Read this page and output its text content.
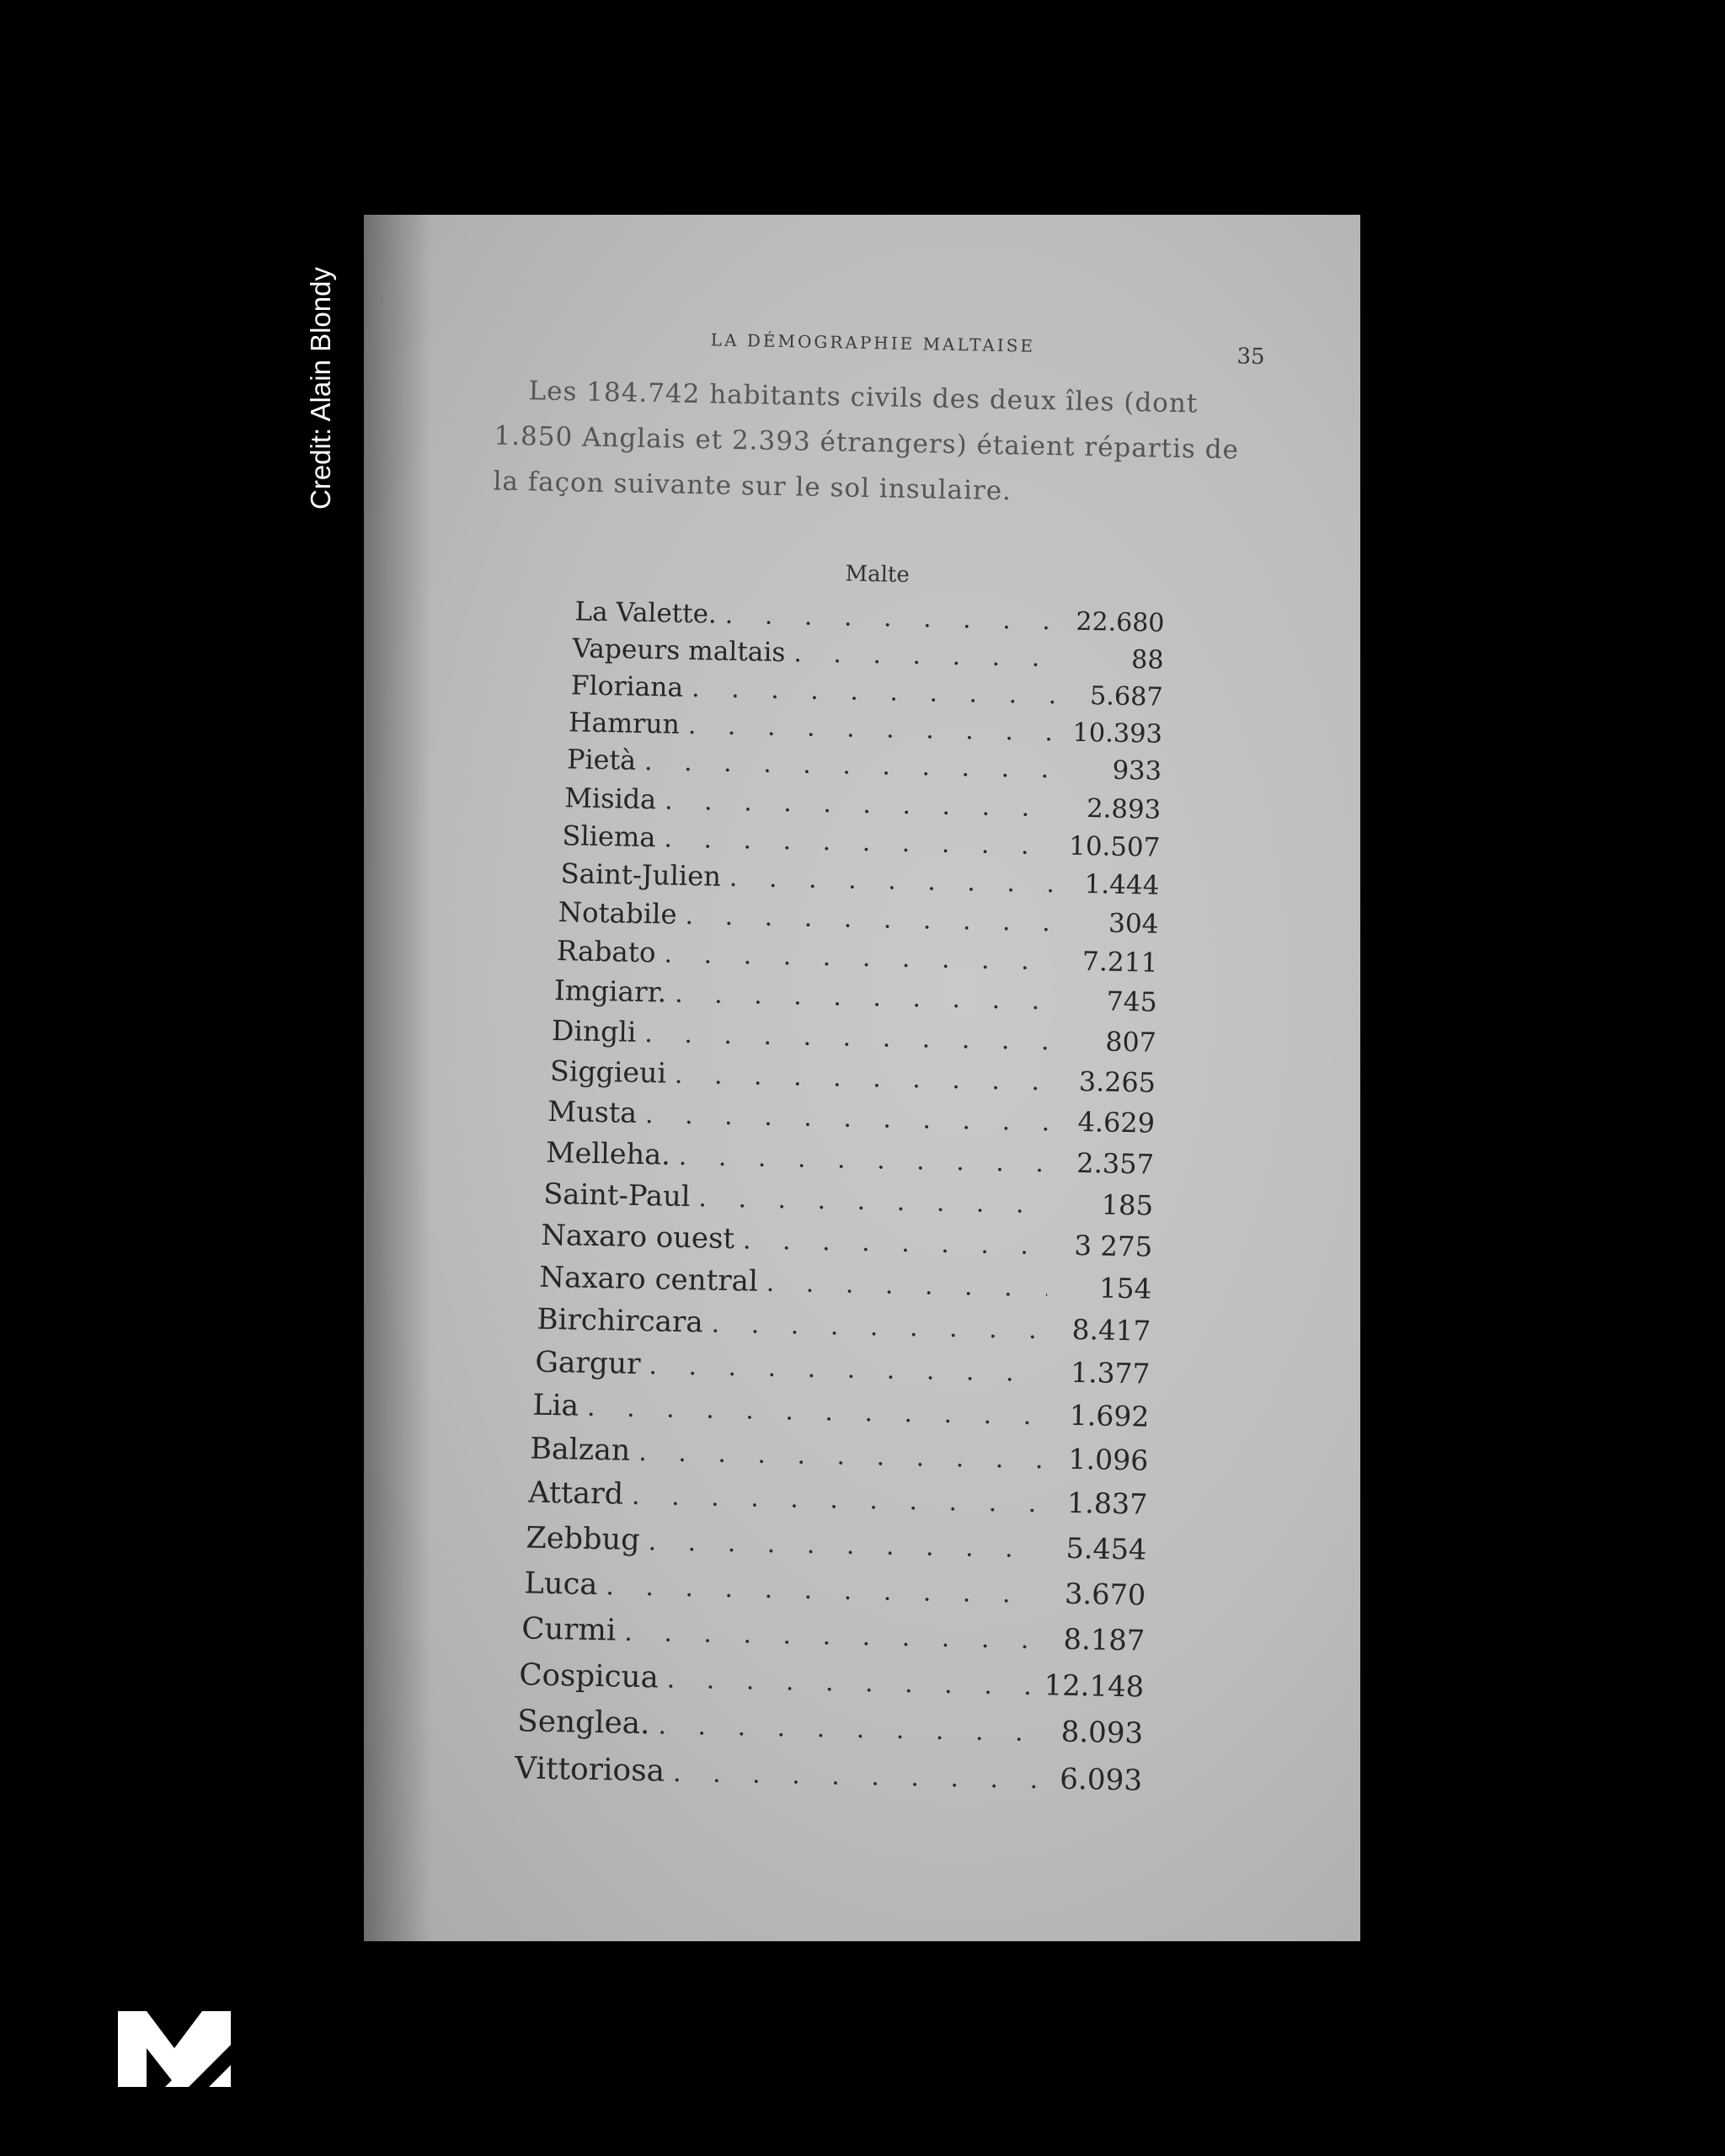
Credit: Alain Blondy	LA DÉMOGRAPHIE MALTAISE
35
Les 184.742 habitants civils des deux îles (dont
1.850 Anglais et 2.393 étrangers) étaient répartis de
la façon suivante sur le sol insulaire.
Malte
La Valette. . . .	22.680
Vapeurs maltais . . .	88
Floriana . . .	5.687
Hamrun . . .	10.393
Pietà . . .	933
Misida . . .	2.893
Sliema . . .	10.507
Saint-Julien . . .	1.444
Notabile . . .	304
Rabato . . .	7.211
Imgiarr. . . .	745
Dingli . . .	807
Siggieui . . .	3.265
Musta . . .	4.629
Melleha. . . .	2.357
Saint-Paul . . .	185
Naxaro ouest . . .	3 275
Naxaro central . . .	154
Birchircara . . .	8.417
Gargur . . .	1.377
Lia . . .	1.692
Balzan . . .	1.096
Attard . . .	1.837
Zebbug . . .	5.454
Luca . . .	3.670
Curmi . . .	8.187
Cospicua . . .	12.148
Senglea. . . .	8.093
Vittoriosa . . .	6.093
